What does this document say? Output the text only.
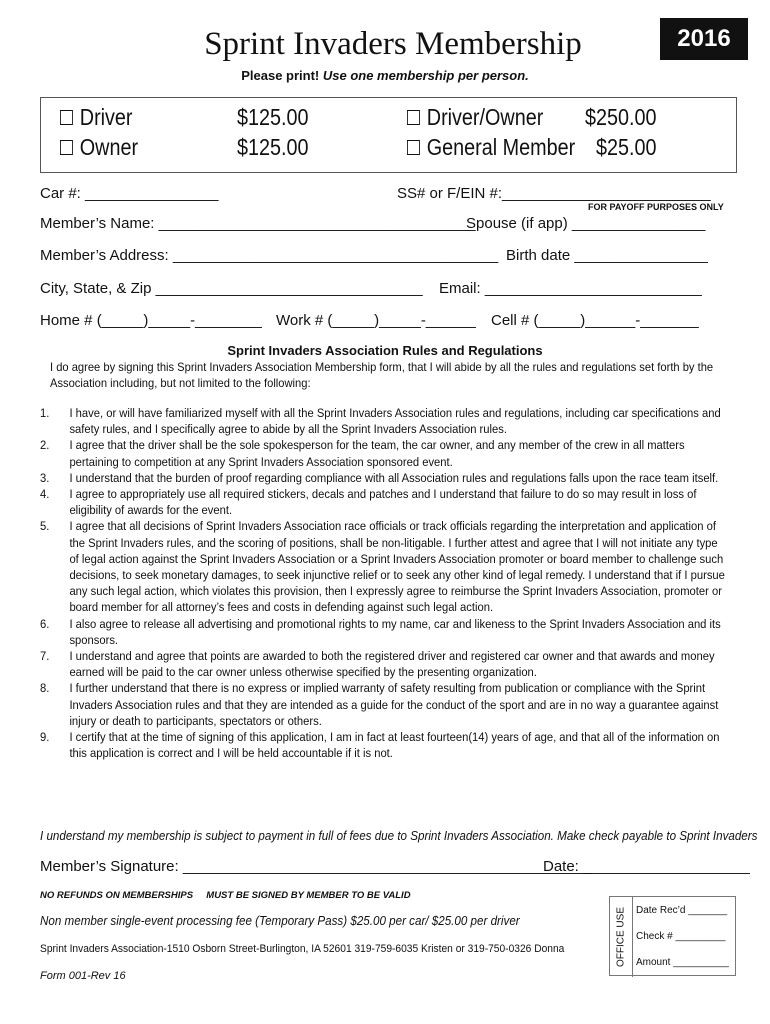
Sprint Invaders Membership	2016
Please print! Use one membership per person.
Driver	$125.00
Owner	$125.00
Driver/Owner $250.00
General Member $25.00
Car #: ________________	SS# or F/EIN #:_________________________
FOR PAYOFF PURPOSES ONLY
Member’s Name: ______________________________________
Spouse (if app) ________________
Member’s Address: _______________________________________ Birth date ________________
City, State, & Zip ________________________________ Email: __________________________
Home # (_____)_____-________ Work # (_____)_____-______ Cell # (_____)______-_______
Sprint Invaders Association Rules and Regulations
I do agree by signing this Sprint Invaders Association Membership form, that I will abide by all the rules and regulations set forth by the Association including, but not limited to the following:
1.	I have, or will have familiarized myself with all the Sprint Invaders Association rules and regulations, including car specifications and safety rules, and I specifically agree to abide by all the Sprint Invaders Association rules.
2.	I agree that the driver shall be the sole spokesperson for the team, the car owner, and any member of the crew in all matters pertaining to competition at any Sprint Invaders Association sponsored event.
3.	I understand that the burden of proof regarding compliance with all Association rules and regulations falls upon the race team itself.
4.	I agree to appropriately use all required stickers, decals and patches and I understand that failure to do so may result in loss of eligibility of awards for the event.
5.	I agree that all decisions of Sprint Invaders Association race officials or track officials regarding the interpretation and application of the Sprint Invaders rules, and the scoring of positions, shall be non-litigable. I further attest and agree that I will not initiate any type of legal action against the Sprint Invaders Association or a Sprint Invaders Association promoter or board member to challenge such decisions, to seek monetary damages, to seek injunctive relief or to seek any other kind of legal remedy. I understand that if I pursue any such legal action, which violates this provision, then I expressly agree to reimburse the Sprint Invaders Association, promoter or board member for all attorney’s fees and costs in defending against such legal action.
6.	I also agree to release all advertising and promotional rights to my name, car and likeness to the Sprint Invaders Association and its sponsors.
7.	I understand and agree that points are awarded to both the registered driver and registered car owner and that awards and money earned will be paid to the car owner unless otherwise specified by the presenting organization.
8.	I further understand that there is no express or implied warranty of safety resulting from publication or compliance with the Sprint Invaders Association rules and that they are intended as a guide for the conduct of the sport and are in no way a guarantee against injury or death to participants, spectators or others.
9.	I certify that at the time of signing of this application, I am in fact at least fourteen(14) years of age, and that all of the information on this application is correct and I will be held accountable if it is not.
I understand my membership is subject to payment in full of fees due to Sprint Invaders Association. Make check payable to Sprint Invaders
Member’s Signature: _________________________________________________
Date: ____________________
NO REFUNDS ON MEMBERSHIPS MUST BE SIGNED BY MEMBER TO BE VALID
Non member single-event processing fee (Temporary Pass) $25.00 per car/ $25.00 per driver
Sprint Invaders Association-1510 Osborn Street-Burlington, IA 52601 319-759-6035 Kristen or 319-750-0326 Donna
Form 001-Rev 16
OFFICE USE Date Rec’d _______
Check # _________
Amount __________
